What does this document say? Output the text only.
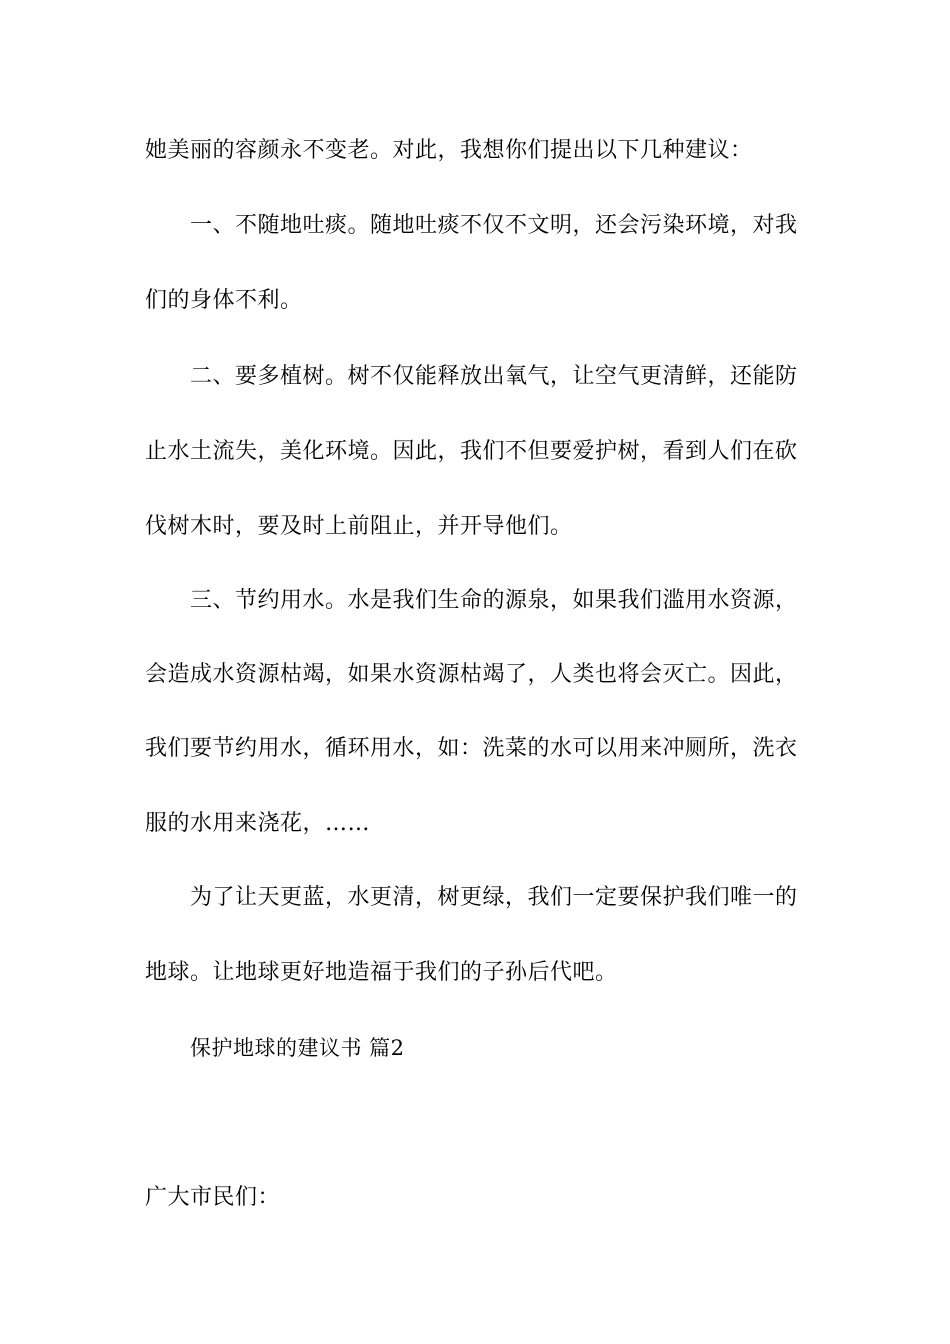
她美丽的容颜永不变老。对此，我想你们提出以下几种建议：
一、不随地吐痰。随地吐痰不仅不文明，还会污染环境，对我
们的身体不利。
二、要多植树。树不仅能释放出氧气，让空气更清鲜，还能防
止水土流失，美化环境。因此，我们不但要爱护树，看到人们在砍
伐树木时，要及时上前阻止，并开导他们。
三、节约用水。水是我们生命的源泉，如果我们滥用水资源，
会造成水资源枯竭，如果水资源枯竭了，人类也将会灭亡。因此，
我们要节约用水，循环用水，如：洗菜的水可以用来冲厕所，洗衣
服的水用来浇花，……
为了让天更蓝，水更清，树更绿，我们一定要保护我们唯一的
地球。让地球更好地造福于我们的子孙后代吧。
保护地球的建议书 篇2
广大市民们：
